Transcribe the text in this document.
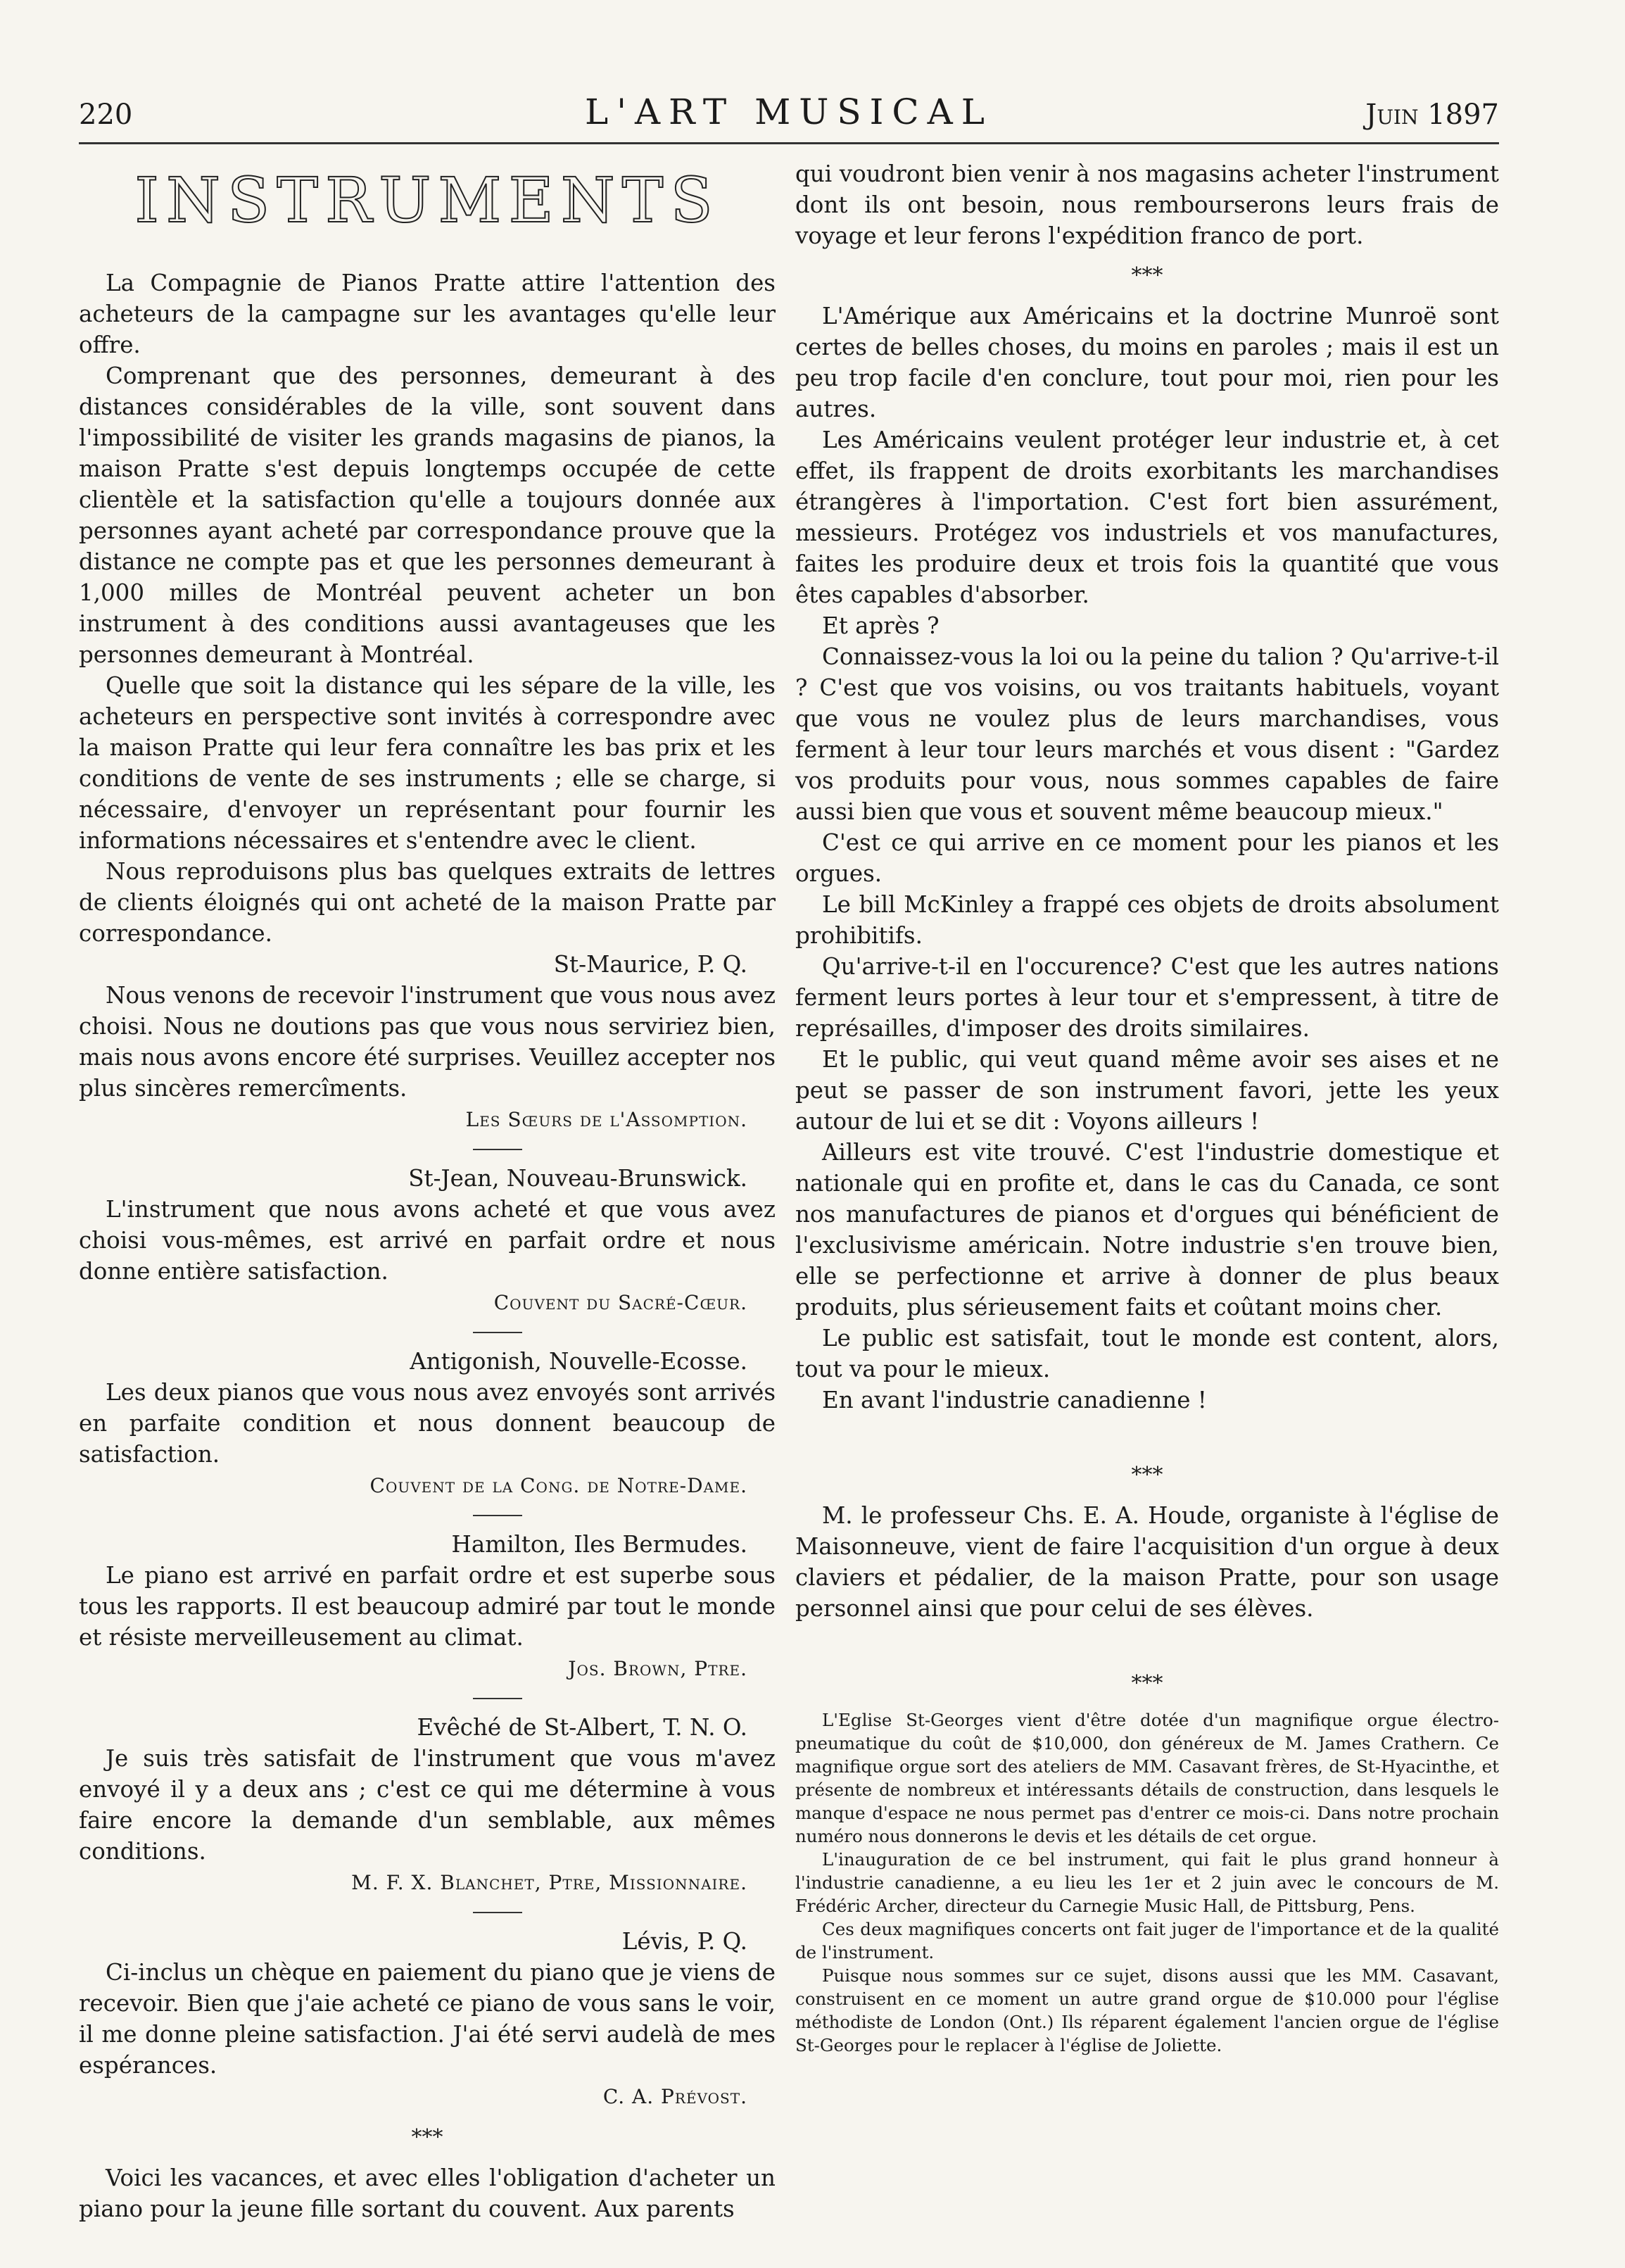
220	L'ART MUSICAL	Juin 1897
INSTRUMENTS

La Compagnie de Pianos Pratte attire l'attention des acheteurs de la campagne sur les avantages qu'elle leur offre.

Comprenant que des personnes, demeurant à des distances considérables de la ville, sont souvent dans l'impossibilité de visiter les grands magasins de pianos, la maison Pratte s'est depuis longtemps occupée de cette clientèle et la satisfaction qu'elle a toujours donnée aux personnes ayant acheté par correspondance prouve que la distance ne compte pas et que les personnes demeurant à 1,000 milles de Montréal peuvent acheter un bon instrument à des conditions aussi avantageuses que les personnes demeurant à Montréal.

Quelle que soit la distance qui les sépare de la ville, les acheteurs en perspective sont invités à correspondre avec la maison Pratte qui leur fera connaître les bas prix et les conditions de vente de ses instruments ; elle se charge, si nécessaire, d'envoyer un représentant pour fournir les informations nécessaires et s'entendre avec le client.

Nous reproduisons plus bas quelques extraits de lettres de clients éloignés qui ont acheté de la maison Pratte par correspondance.

St-Maurice, P. Q.

Nous venons de recevoir l'instrument que vous nous avez choisi. Nous ne doutions pas que vous nous serviriez bien, mais nous avons encore été surprises. Veuillez accepter nos plus sincères remercîments.

Les Sœurs de l'Assomption.
St-Jean, Nouveau-Brunswick.

L'instrument que nous avons acheté et que vous avez choisi vous-mêmes, est arrivé en parfait ordre et nous donne entière satisfaction.

Couvent du Sacré-Cœur.
Antigonish, Nouvelle-Ecosse.

Les deux pianos que vous nous avez envoyés sont arrivés en parfaite condition et nous donnent beaucoup de satisfaction.

Couvent de la Cong. de Notre-Dame.
Hamilton, Iles Bermudes.

Le piano est arrivé en parfait ordre et est superbe sous tous les rapports. Il est beaucoup admiré par tout le monde et résiste merveilleusement au climat.

Jos. Brown, Ptre.
Evêché de St-Albert, T. N. O.

Je suis très satisfait de l'instrument que vous m'avez envoyé il y a deux ans ; c'est ce qui me détermine à vous faire encore la demande d'un semblable, aux mêmes conditions.

M. F. X. Blanchet, Ptre, Missionnaire.
Lévis, P. Q.

Ci-inclus un chèque en paiement du piano que je viens de recevoir. Bien que j'aie acheté ce piano de vous sans le voir, il me donne pleine satisfaction. J'ai été servi audelà de mes espérances.

C. A. Prévost.
***

Voici les vacances, et avec elles l'obligation d'acheter un piano pour la jeune fille sortant du couvent. Aux parents

qui voudront bien venir à nos magasins acheter l'instrument dont ils ont besoin, nous rembourserons leurs frais de voyage et leur ferons l'expédition franco de port.

***

L'Amérique aux Américains et la doctrine Munroë sont certes de belles choses, du moins en paroles ; mais il est un peu trop facile d'en conclure, tout pour moi, rien pour les autres.

Les Américains veulent protéger leur industrie et, à cet effet, ils frappent de droits exorbitants les marchandises étrangères à l'importation. C'est fort bien assurément, messieurs. Protégez vos industriels et vos manufactures, faites les produire deux et trois fois la quantité que vous êtes capables d'absorber.

Et après ?

Connaissez-vous la loi ou la peine du talion ? Qu'arrive-t-il ? C'est que vos voisins, ou vos traitants habituels, voyant que vous ne voulez plus de leurs marchandises, vous ferment à leur tour leurs marchés et vous disent : "Gardez vos produits pour vous, nous sommes capables de faire aussi bien que vous et souvent même beaucoup mieux."

C'est ce qui arrive en ce moment pour les pianos et les orgues.

Le bill McKinley a frappé ces objets de droits absolument prohibitifs.

Qu'arrive-t-il en l'occurence? C'est que les autres nations ferment leurs portes à leur tour et s'empressent, à titre de représailles, d'imposer des droits similaires.

Et le public, qui veut quand même avoir ses aises et ne peut se passer de son instrument favori, jette les yeux autour de lui et se dit : Voyons ailleurs !

Ailleurs est vite trouvé. C'est l'industrie domestique et nationale qui en profite et, dans le cas du Canada, ce sont nos manufactures de pianos et d'orgues qui bénéficient de l'exclusivisme américain. Notre industrie s'en trouve bien, elle se perfectionne et arrive à donner de plus beaux produits, plus sérieusement faits et coûtant moins cher.

Le public est satisfait, tout le monde est content, alors, tout va pour le mieux.

En avant l'industrie canadienne !

***

M. le professeur Chs. E. A. Houde, organiste à l'église de Maisonneuve, vient de faire l'acquisition d'un orgue à deux claviers et pédalier, de la maison Pratte, pour son usage personnel ainsi que pour celui de ses élèves.

***

L'Eglise St-Georges vient d'être dotée d'un magnifique orgue électro-pneumatique du coût de $10,000, don généreux de M. James Crathern. Ce magnifique orgue sort des ateliers de MM. Casavant frères, de St-Hyacinthe, et présente de nombreux et intéressants détails de construction, dans lesquels le manque d'espace ne nous permet pas d'entrer ce mois-ci. Dans notre prochain numéro nous donnerons le devis et les détails de cet orgue.

L'inauguration de ce bel instrument, qui fait le plus grand honneur à l'industrie canadienne, a eu lieu les 1er et 2 juin avec le concours de M. Frédéric Archer, directeur du Carnegie Music Hall, de Pittsburg, Pens.

Ces deux magnifiques concerts ont fait juger de l'importance et de la qualité de l'instrument.

Puisque nous sommes sur ce sujet, disons aussi que les MM. Casavant, construisent en ce moment un autre grand orgue de $10.000 pour l'église méthodiste de London (Ont.) Ils réparent également l'ancien orgue de l'église St-Georges pour le replacer à l'église de Joliette.
